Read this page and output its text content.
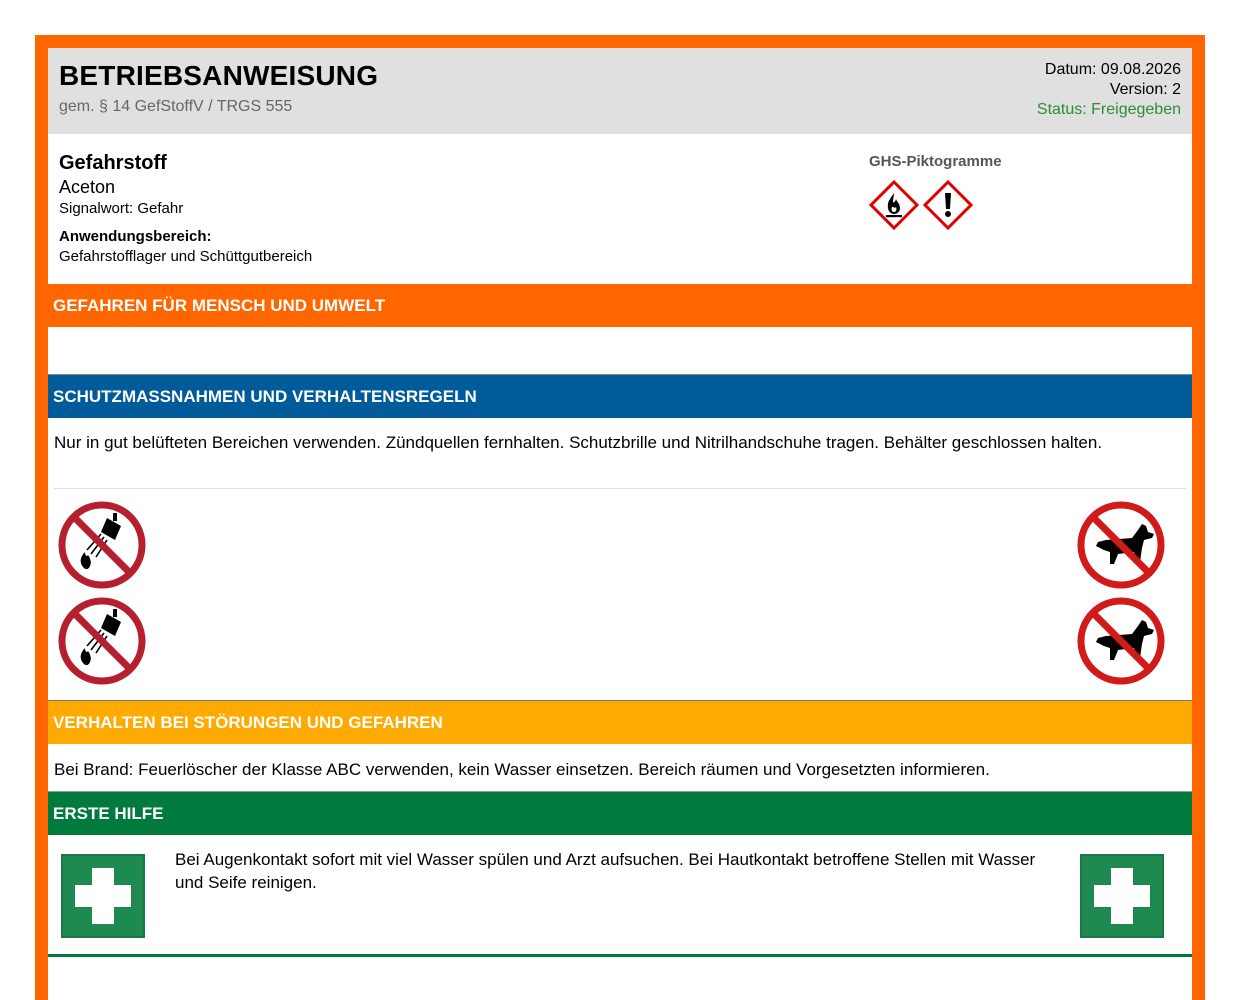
BETRIEBSANWEISUNG
gem. § 14 GefStoffV / TRGS 555
Datum: 09.08.2026
Version: 2
Status: Freigegeben
Gefahrstoff
Aceton
Signalwort: Gefahr
Anwendungsbereich:
Gefahrstofflager und Schüttgutbereich
GHS-Piktogramme
GEFAHREN FÜR MENSCH UND UMWELT
SCHUTZMASSNAHMEN UND VERHALTENSREGELN
Nur in gut belüfteten Bereichen verwenden. Zündquellen fernhalten. Schutzbrille und Nitrilhandschuhe tragen. Behälter geschlossen halten.
VERHALTEN BEI STÖRUNGEN UND GEFAHREN
Bei Brand: Feuerlöscher der Klasse ABC verwenden, kein Wasser einsetzen. Bereich räumen und Vorgesetzten informieren.
ERSTE HILFE
Bei Augenkontakt sofort mit viel Wasser spülen und Arzt aufsuchen. Bei Hautkontakt betroffene Stellen mit Wasser und Seife reinigen.
